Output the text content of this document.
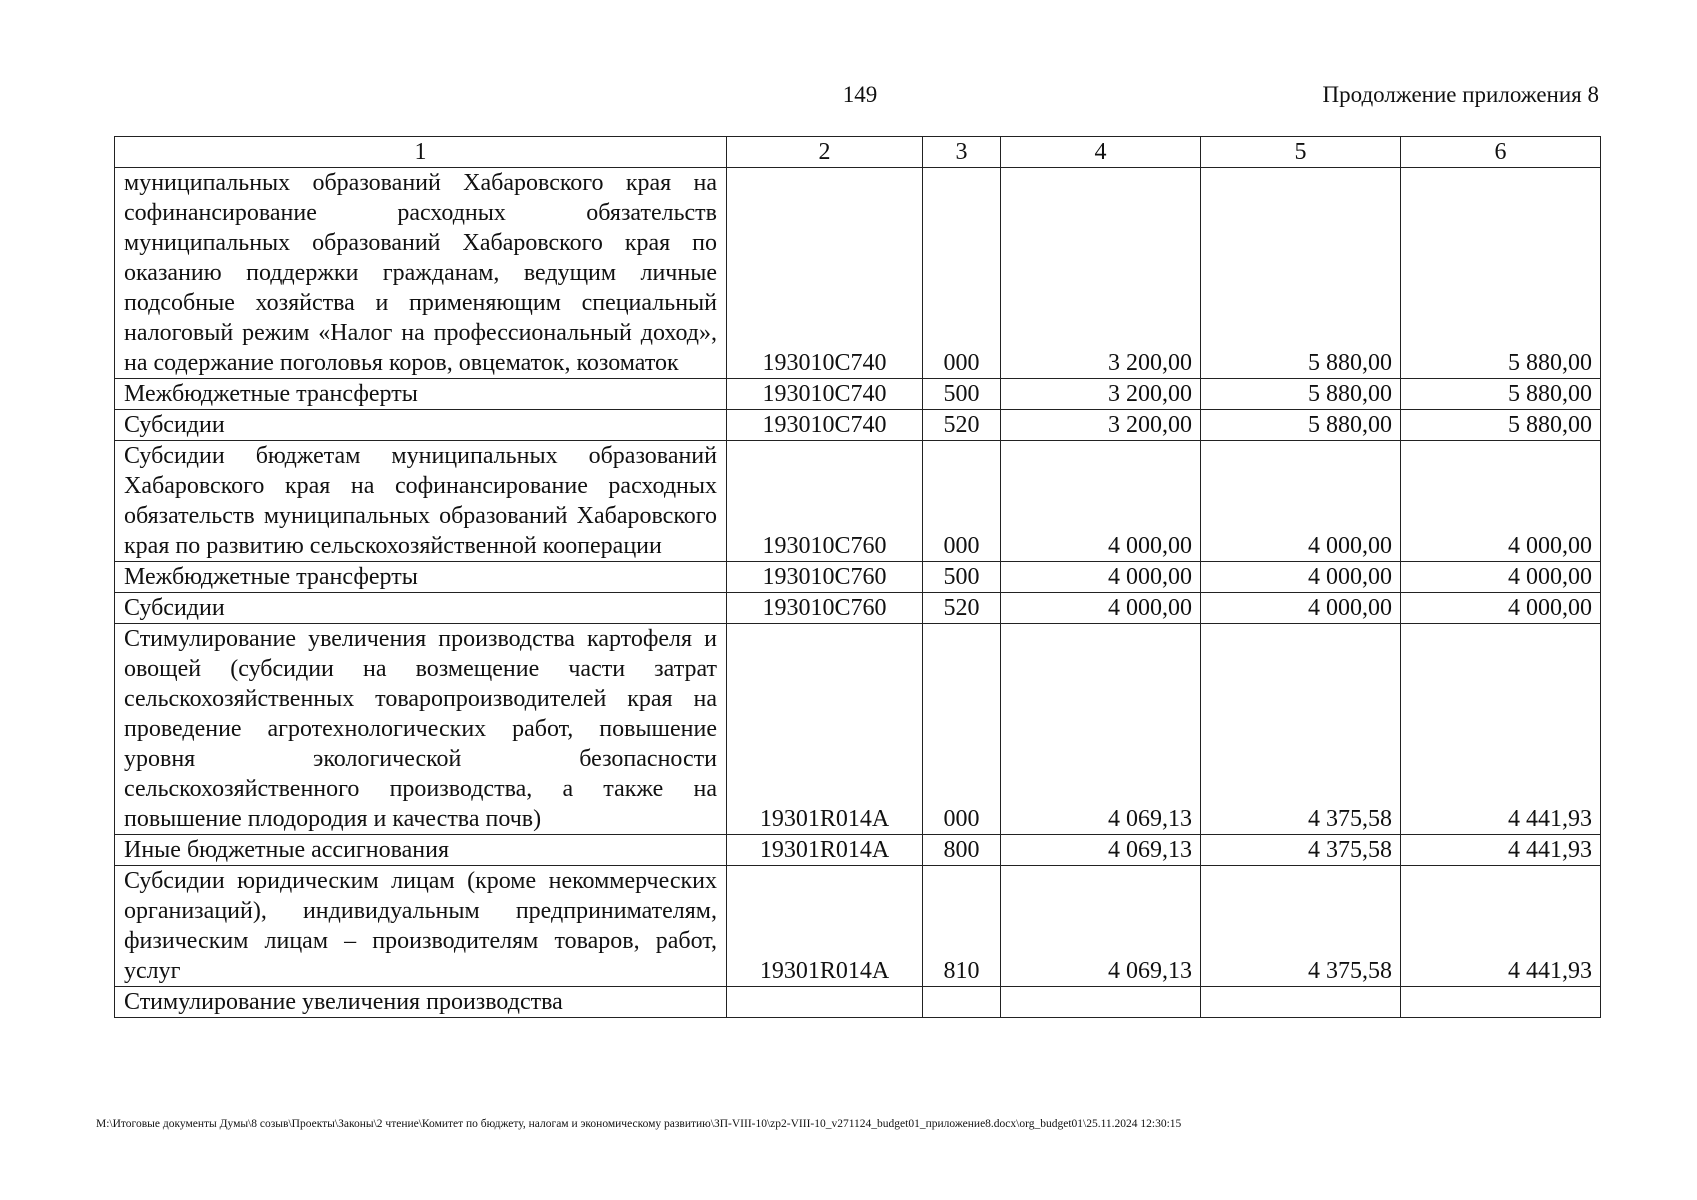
149	Продолжение приложения 8
1	2	3	4	5	6
муниципальных образований Хабаровского края на софинансирование расходных обязательств муниципальных образований Хабаровского края по оказанию поддержки гражданам, ведущим личные подсобные хозяйства и применяющим специальный налоговый режим «Налог на профессиональный доход», на содержание поголовья коров, овцематок, козоматок	193010С740	000	3 200,00	5 880,00	5 880,00
Межбюджетные трансферты	193010С740	500	3 200,00	5 880,00	5 880,00
Субсидии	193010С740	520	3 200,00	5 880,00	5 880,00
Субсидии бюджетам муниципальных образований Хабаровского края на софинансирование расходных обязательств муниципальных образований Хабаровского края по развитию сельскохозяйственной кооперации	193010С760	000	4 000,00	4 000,00	4 000,00
Межбюджетные трансферты	193010С760	500	4 000,00	4 000,00	4 000,00
Субсидии	193010С760	520	4 000,00	4 000,00	4 000,00
Стимулирование увеличения производства картофеля и овощей (субсидии на возмещение части затрат сельскохозяйственных товаропроизводителей края на проведение агротехнологических работ, повышение уровня экологической безопасности сельскохозяйственного производства, а также на повышение плодородия и качества почв)	19301R014A	000	4 069,13	4 375,58	4 441,93
Иные бюджетные ассигнования	19301R014A	800	4 069,13	4 375,58	4 441,93
Субсидии юридическим лицам (кроме некоммерческих организаций), индивидуальным предпринимателям, физическим лицам – производителям товаров, работ, услуг	19301R014A	810	4 069,13	4 375,58	4 441,93
Стимулирование увеличения производства					
М:\Итоговые документы Думы\8 созыв\Проекты\Законы\2 чтение\Комитет по бюджету, налогам и экономическому развитию\ЗП-VIII-10\zp2-VIII-10_v271124_budget01_приложение8.docx\org_budget01\25.11.2024 12:30:15
